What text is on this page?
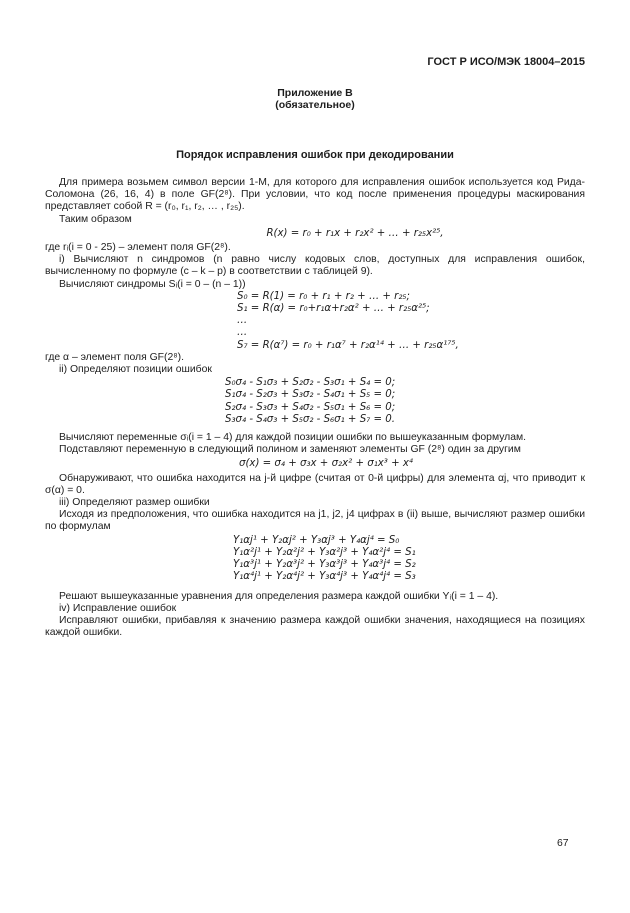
ГОСТ Р ИСО/МЭК 18004–2015
Приложение В
(обязательное)
Порядок исправления ошибок при декодировании

Для примера возьмем символ версии 1-М, для которого для исправления ошибок используется код Рида-Соломона (26, 16, 4) в поле GF(2⁸). При условии, что код после применения процедуры маскирования представляет собой R = (r₀, r₁, r₂, … , r₂₅).

Таким образом

R(x) = r₀ + r₁x + r₂x² + … + r₂₅x²⁵,

где rᵢ(i = 0 - 25) – элемент поля GF(2⁸).

i) Вычисляют n синдромов (n равно числу кодовых слов, доступных для исправления ошибок, вычисленному по формуле (c – k – p) в соответствии с таблицей 9).

Вычисляют синдромы Sᵢ(i = 0 – (n – 1))

S₀ = R(1) = r₀ + r₁ + r₂ + … + r₂₅;
S₁ = R(α) = r₀+r₁α+r₂α² + … + r₂₅α²⁵;
…
…
S₇ = R(α⁷) = r₀ + r₁α⁷ + r₂α¹⁴ + … + r₂₅α¹⁷⁵,

где α – элемент поля GF(2⁸).

ii) Определяют позиции ошибок

S₀σ₄ - S₁σ₃ + S₂σ₂ - S₃σ₁ + S₄ = 0;
S₁σ₄ - S₂σ₃ + S₃σ₂ - S₄σ₁ + S₅ = 0;
S₂σ₄ - S₃σ₃ + S₄σ₂ - S₅σ₁ + S₆ = 0;
S₃σ₄ - S₄σ₃ + S₅σ₂ - S₆σ₁ + S₇ = 0.

Вычисляют переменные σᵢ(i = 1 – 4) для каждой позиции ошибки по вышеуказанным формулам.

Подставляют переменную в следующий полином и заменяют элементы GF (2⁸) один за другим

σ(x) = σ₄ + σ₃x + σ₂x² + σ₁x³ + x⁴

Обнаруживают, что ошибка находится на j-й цифре (считая от 0-й цифры) для элемента αj, что приводит к σ(α) = 0.

iii) Определяют размер ошибки

Исходя из предположения, что ошибка находится на j1, j2, j4 цифрах в (ii) выше, вычисляют размер ошибки по формулам

Y₁αj¹ + Y₂αj² + Y₃αj³ + Y₄αj⁴ = S₀
Y₁α²j¹ + Y₂α²j² + Y₃α²j³ + Y₄α²j⁴ = S₁
Y₁α³j¹ + Y₂α³j² + Y₃α³j³ + Y₄α³j⁴ = S₂
Y₁α⁴j¹ + Y₂α⁴j² + Y₃α⁴j³ + Y₄α⁴j⁴ = S₃

Решают вышеуказанные уравнения для определения размера каждой ошибки Yᵢ(i = 1 – 4).

iv) Исправление ошибок

Исправляют ошибки, прибавляя к значению размера каждой ошибки значения, находящиеся на позициях каждой ошибки.

67
